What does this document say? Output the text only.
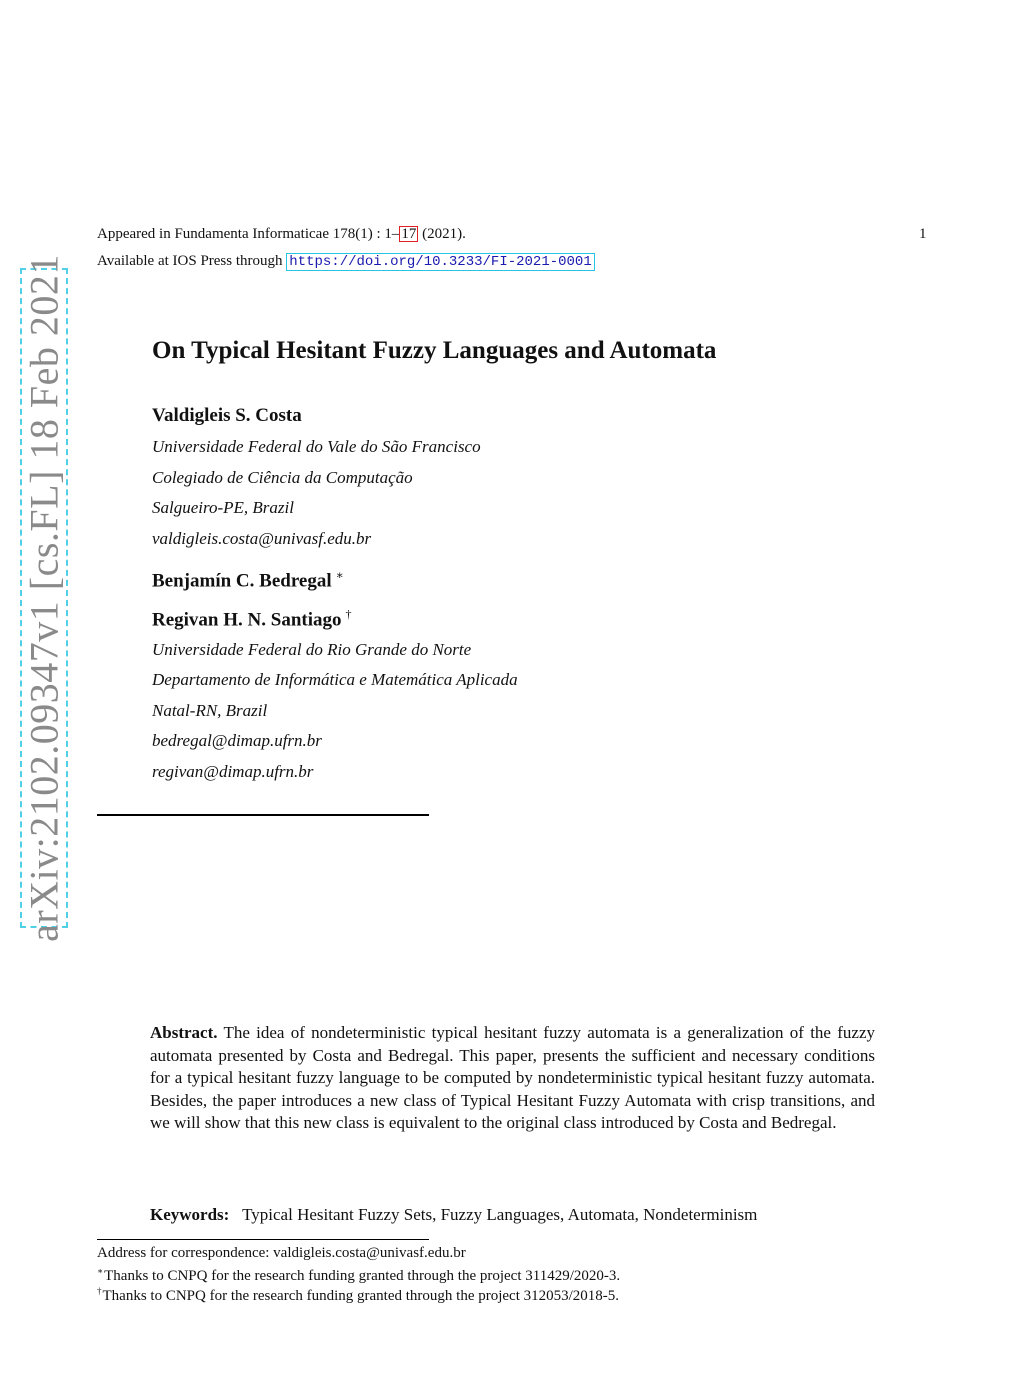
Appeared in Fundamenta Informaticae 178(1) : 1– 17 (2021).	1
Available at IOS Press through https://doi.org/10.3233/FI-2021-0001
arXiv:2102.09347v1 [cs.FL] 18 Feb 2021	On Typical Hesitant Fuzzy Languages and Automata
Valdigleis S. Costa
Universidade Federal do Vale do São Francisco
Colegiado de Ciência da Computação
Salgueiro-PE, Brazil
valdigleis.costa@univasf.edu.br
Benjamín C. Bedregal ∗
Regivan H. N. Santiago †
Universidade Federal do Rio Grande do Norte
Departamento de Informática e Matemática Aplicada
Natal-RN, Brazil
bedregal@dimap.ufrn.br
regivan@dimap.ufrn.br
Abstract. The idea of nondeterministic typical hesitant fuzzy automata is a generalization of the fuzzy automata presented by Costa and Bedregal. This paper, presents the sufficient and necessary conditions for a typical hesitant fuzzy language to be computed by nondeterministic typical hesitant fuzzy automata. Besides, the paper introduces a new class of Typical Hesitant Fuzzy Automata with crisp transitions, and we will show that this new class is equivalent to the original class introduced by Costa and Bedregal.
Keywords: Typical Hesitant Fuzzy Sets, Fuzzy Languages, Automata, Nondeterminism
Address for correspondence: valdigleis.costa@univasf.edu.br
∗Thanks to CNPQ for the research funding granted through the project 311429/2020-3.
†Thanks to CNPQ for the research funding granted through the project 312053/2018-5.
